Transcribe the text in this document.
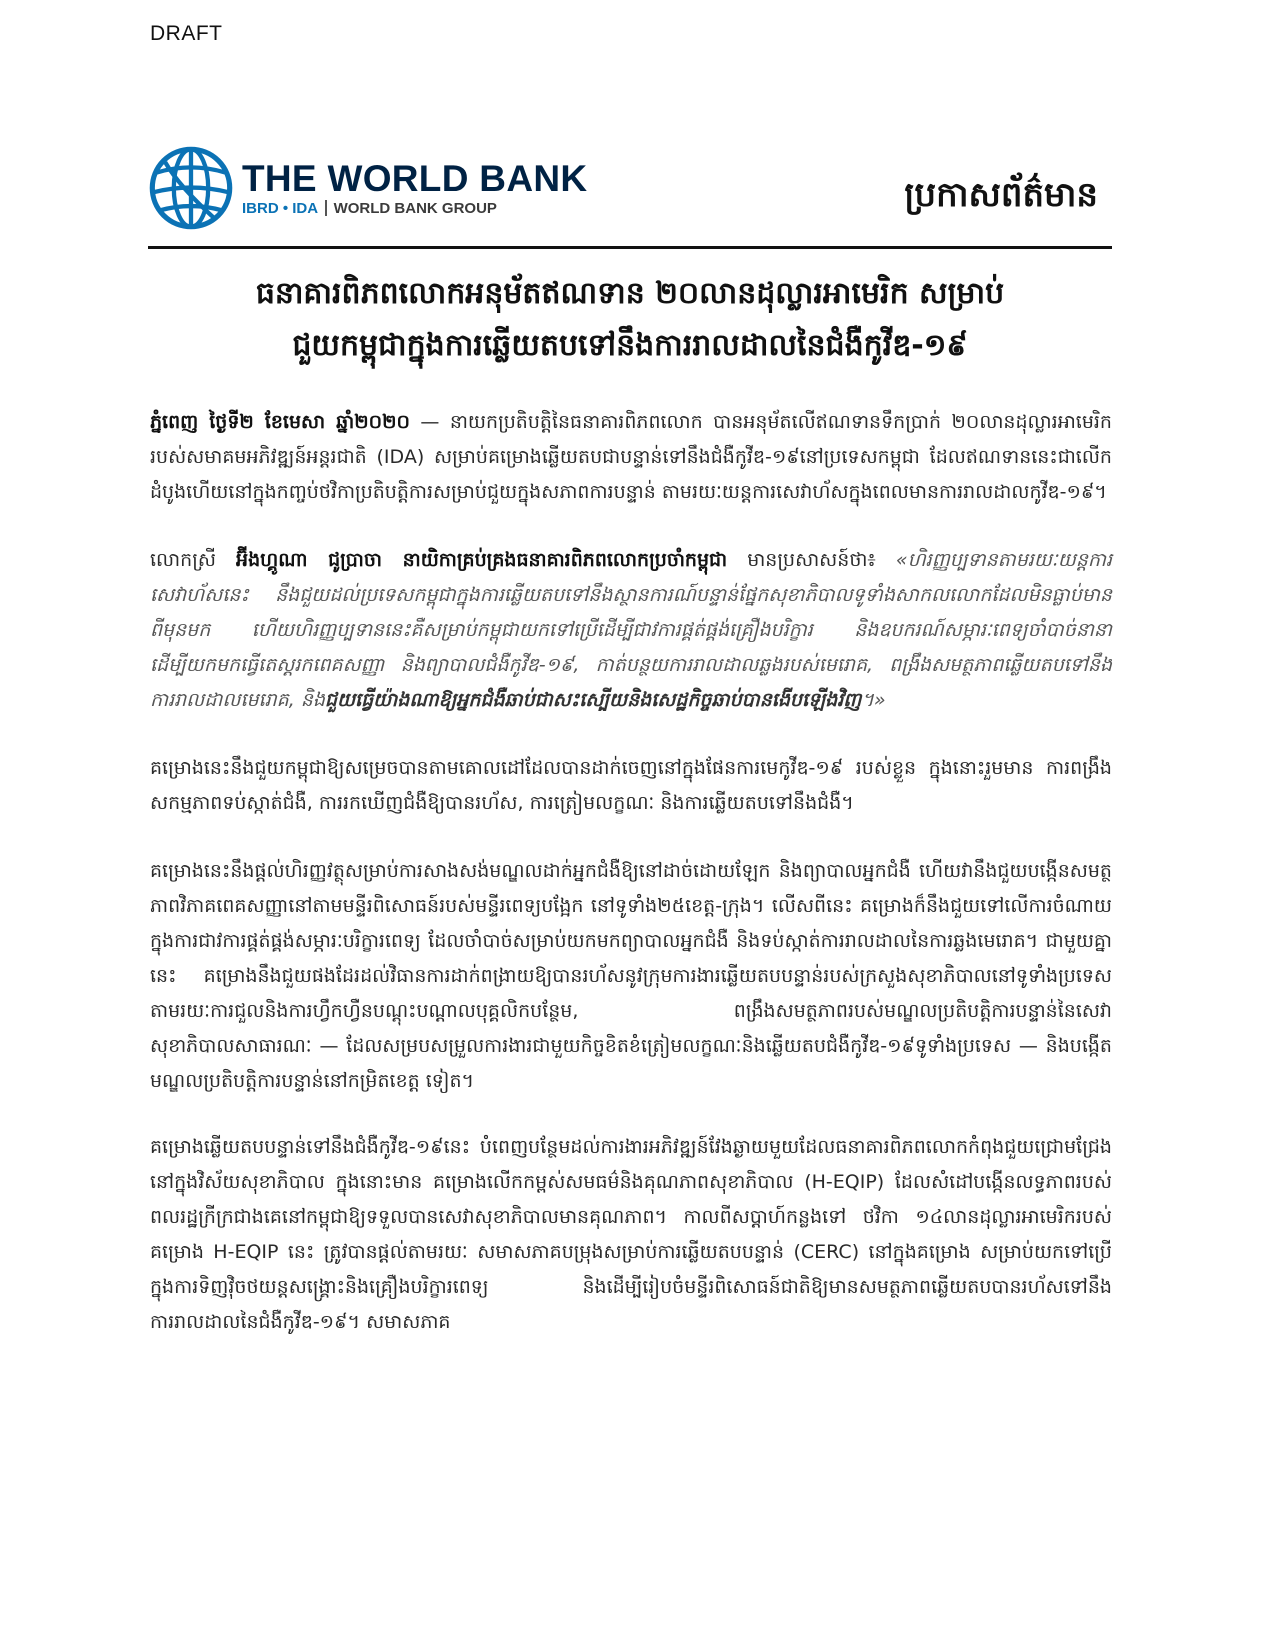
DRAFT
THE WORLD BANK
IBRD • IDA WORLD BANK GROUP	ប្រកាសព័ត៌មាន
ធនាគារពិភពលោកអនុម័តឥណទាន ២០លានដុល្លារអាមេរិក សម្រាប់
ជួយកម្ពុជាក្នុងការឆ្លើយតបទៅនឹងការរាលដាលនៃជំងឺកូវីឌ-១៩

ភ្នំពេញ ថ្ងៃទី២ ខែមេសា ឆ្នាំ២០២០ — នាយកប្រតិបត្តិនៃធនាគារពិភពលោក បានអនុម័តលើឥណទានទឹកប្រាក់ ២០លានដុល្លារអាមេរិក របស់សមាគមអភិវឌ្ឍន៍អន្តរជាតិ (IDA) សម្រាប់គម្រោងឆ្លើយតបជាបន្ទាន់ទៅនឹងជំងឺកូវីឌ-១៩នៅប្រទេសកម្ពុជា ដែលឥណទាននេះជាលើកដំបូងហើយនៅក្នុងកញ្ចប់ថវិកាប្រតិបត្តិការសម្រាប់ជួយក្នុងសភាពការបន្ទាន់ តាមរយៈយន្តការសេវាហ័សក្នុងពេលមានការរាលដាលកូវីឌ-១៩។

លោកស្រី អ៊ីងហ្គូណា ជូប្រាចា នាយិកាគ្រប់គ្រងធនាគារពិភពលោកប្រចាំកម្ពុជា មានប្រសាសន៍ថា៖ «ហិរញ្ញប្បទានតាមរយៈយន្តការសេវាហ័សនេះ នឹងជួយដល់ប្រទេសកម្ពុជាក្នុងការឆ្លើយតបទៅនឹងស្ថានការណ៍បន្ទាន់ផ្នែកសុខាភិបាលទូទាំងសាកលលោកដែលមិនធ្លាប់មានពីមុនមក ហើយហិរញ្ញប្បទាននេះគឺសម្រាប់កម្ពុជាយកទៅប្រើដើម្បីជាវការផ្គត់ផ្គង់គ្រឿងបរិក្ខារ និងឧបករណ៍សម្ភារៈពេទ្យចាំបាច់នានា ដើម្បីយកមកធ្វើតេស្តរកពេគសញ្ញា និងព្យាបាលជំងឺកូវីឌ-១៩, កាត់បន្ថយការរាលដាលឆ្លងរបស់មេរោគ, ពង្រឹងសមត្ថភាពឆ្លើយតបទៅនឹងការរាលដាលមេរោគ, និងជួយធ្វើយ៉ាងណាឱ្យអ្នកជំងឺឆាប់ជាសះស្បើយនិងសេដ្ឋកិច្ចឆាប់បានងើបឡើងវិញ។»

គម្រោងនេះនឹងជួយកម្ពុជាឱ្យសម្រេចបានតាមគោលដៅដែលបានដាក់ចេញនៅក្នុងផែនការមេកូវីឌ-១៩ របស់ខ្លួន ក្នុងនោះរួមមាន ការពង្រឹងសកម្មភាពទប់ស្កាត់ជំងឺ, ការរកឃើញជំងឺឱ្យបានរហ័ស, ការត្រៀមលក្ខណៈ និងការឆ្លើយតបទៅនឹងជំងឺ។

គម្រោងនេះនឹងផ្តល់ហិរញ្ញវត្ថុសម្រាប់ការសាងសង់មណ្ឌលដាក់អ្នកជំងឺឱ្យនៅដាច់ដោយឡែក និងព្យាបាលអ្នកជំងឺ ហើយវានឹងជួយបង្កើនសមត្ថភាពវិភាគពេគសញ្ញានៅតាមមន្ទីរពិសោធន៍របស់មន្ទីរពេទ្យបង្អែក នៅទូទាំង២៥ខេត្ត-ក្រុង។ លើសពីនេះ គម្រោងក៏នឹងជួយទៅលើការចំណាយក្នុងការជាវការផ្គត់ផ្គង់សម្ភារៈបរិក្ខារពេទ្យ ដែលចាំបាច់សម្រាប់យកមកព្យាបាលអ្នកជំងឺ និងទប់ស្កាត់ការរាលដាលនៃការឆ្លងមេរោគ។ ជាមួយគ្នានេះ គម្រោងនឹងជួយផងដែរដល់វិធានការដាក់ពង្រាយឱ្យបានរហ័សនូវក្រុមការងារឆ្លើយតបបន្ទាន់របស់ក្រសួងសុខាភិបាលនៅទូទាំងប្រទេស តាមរយៈការជួលនិងការហ្វឹកហ្វឺនបណ្តុះបណ្តាលបុគ្គលិកបន្ថែម, ពង្រឹងសមត្ថភាពរបស់មណ្ឌលប្រតិបត្តិការបន្ទាន់នៃសេវាសុខាភិបាលសាធារណៈ — ដែលសម្របសម្រួលការងារជាមួយកិច្ចខិតខំត្រៀមលក្ខណៈនិងឆ្លើយតបជំងឺកូវីឌ-១៩ទូទាំងប្រទេស — និងបង្កើតមណ្ឌលប្រតិបត្តិការបន្ទាន់នៅកម្រិតខេត្ត ទៀត។

គម្រោងឆ្លើយតបបន្ទាន់ទៅនឹងជំងឺកូវីឌ-១៩នេះ បំពេញបន្ថែមដល់ការងារអភិវឌ្ឍន៍វែងឆ្ងាយមួយដែលធនាគារពិភពលោកកំពុងជួយជ្រោមជ្រែងនៅក្នុងវិស័យសុខាភិបាល ក្នុងនោះមាន គម្រោងលើកកម្ពស់សមធម៌និងគុណភាពសុខាភិបាល (H-EQIP) ដែលសំដៅបង្កើនលទ្ធភាពរបស់ពលរដ្ឋក្រីក្រជាងគេនៅកម្ពុជាឱ្យទទួលបានសេវាសុខាភិបាលមានគុណភាព។ កាលពីសប្តាហ៍កន្លងទៅ ថវិកា ១៤លានដុល្លារអាមេរិករបស់គម្រោង H-EQIP នេះ ត្រូវបានផ្តល់តាមរយៈ សមាសភាគបម្រុងសម្រាប់ការឆ្លើយតបបន្ទាន់ (CERC) នៅក្នុងគម្រោង សម្រាប់យកទៅប្រើក្នុងការទិញវ៉ិចថយន្តសង្គ្រោះនិងគ្រឿងបរិក្ខារពេទ្យ និងដើម្បីរៀបចំមន្ទីរពិសោធន៍ជាតិឱ្យមានសមត្ថភាពឆ្លើយតបបានរហ័សទៅនឹងការរាលដាលនៃជំងឺកូវីឌ-១៩។ សមាសភាគ
